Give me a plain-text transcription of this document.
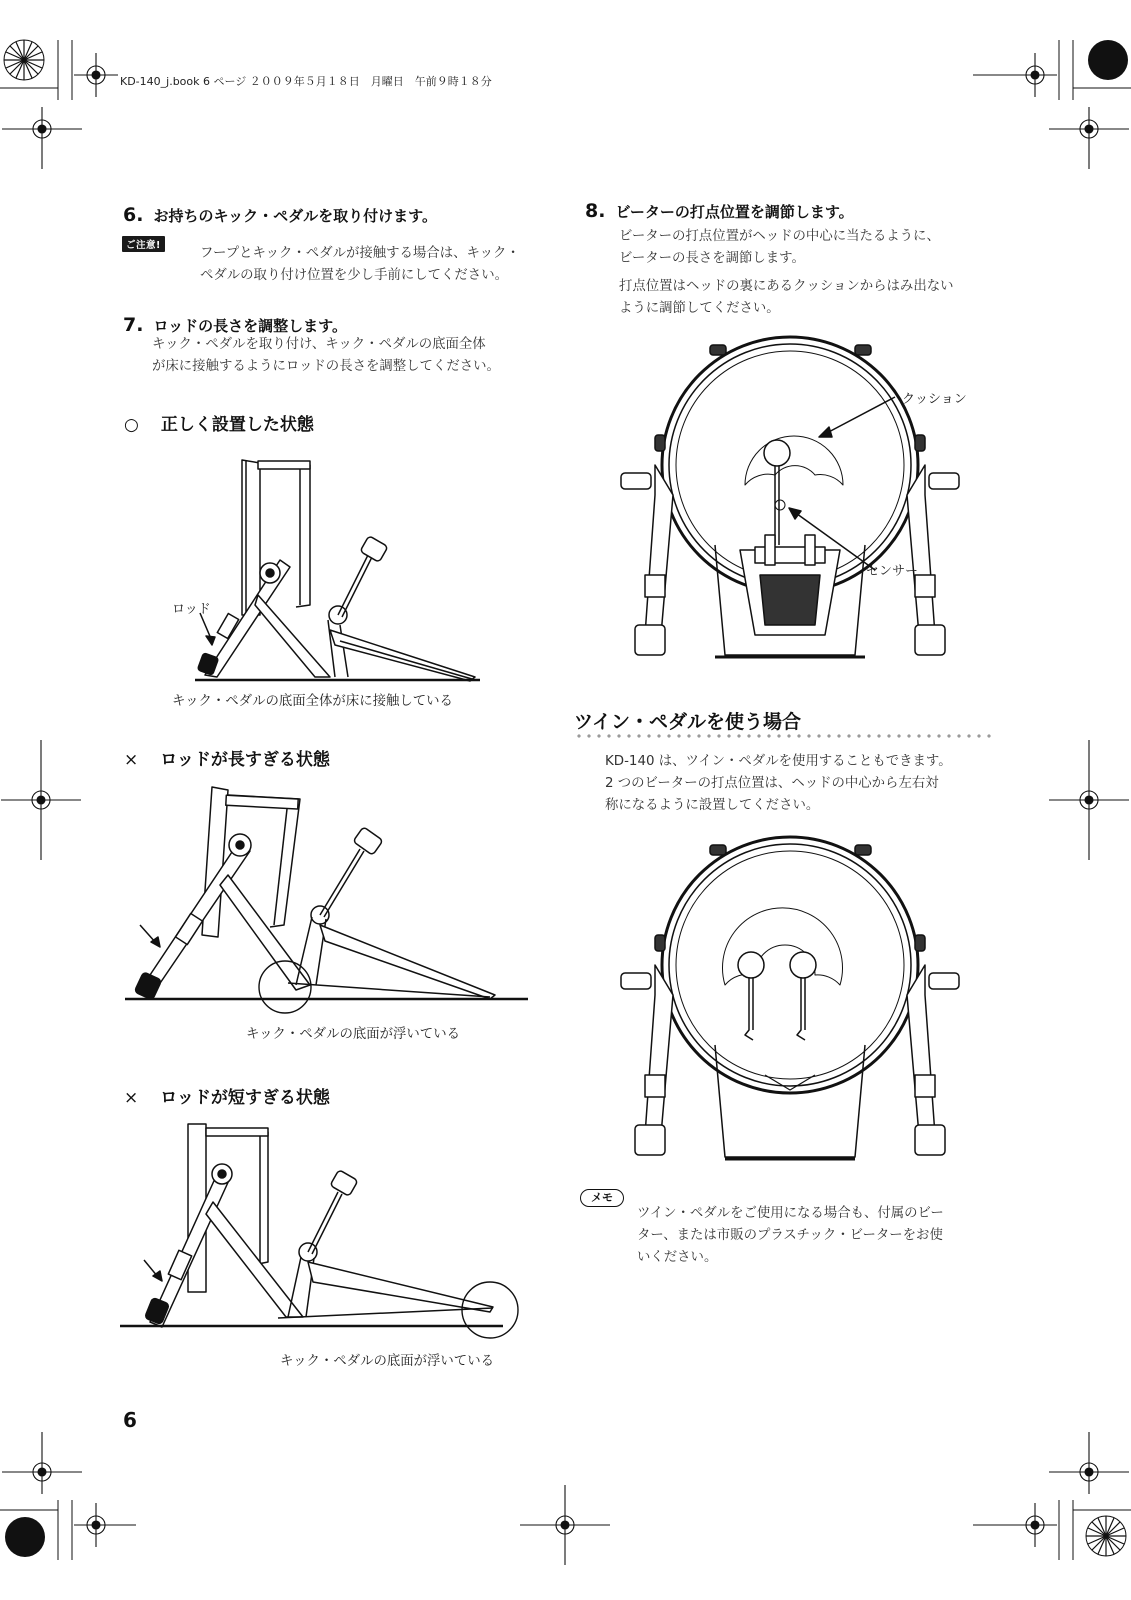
KD-140_j.book 6 ページ ２００９年５月１８日　月曜日　午前９時１８分
6. お持ちのキック・ペダルを取り付けます。
ご注意!
フープとキック・ペダルが接触する場合は、キック・
ペダルの取り付け位置を少し手前にしてください。
7. ロッドの長さを調整します。
キック・ペダルを取り付け、キック・ペダルの底面全体
が床に接触するようにロッドの長さを調整してください。
○ 正しく設置した状態
ロッド
キック・ペダルの底面全体が床に接触している
× ロッドが長すぎる状態
キック・ペダルの底面が浮いている
× ロッドが短すぎる状態
キック・ペダルの底面が浮いている
8. ビーターの打点位置を調節します。
ビーターの打点位置がヘッドの中心に当たるように、
ビーターの長さを調節します。
打点位置はヘッドの裏にあるクッションからはみ出ない
ように調節してください。
クッション
センサー
ツイン・ペダルを使う場合
KD-140 は、ツイン・ペダルを使用することもできます。
2 つのビーターの打点位置は、ヘッドの中心から左右対
称になるように設置してください。
メモ
ツイン・ペダルをご使用になる場合も、付属のビー
ター、または市販のプラスチック・ビーターをお使
いください。
6
